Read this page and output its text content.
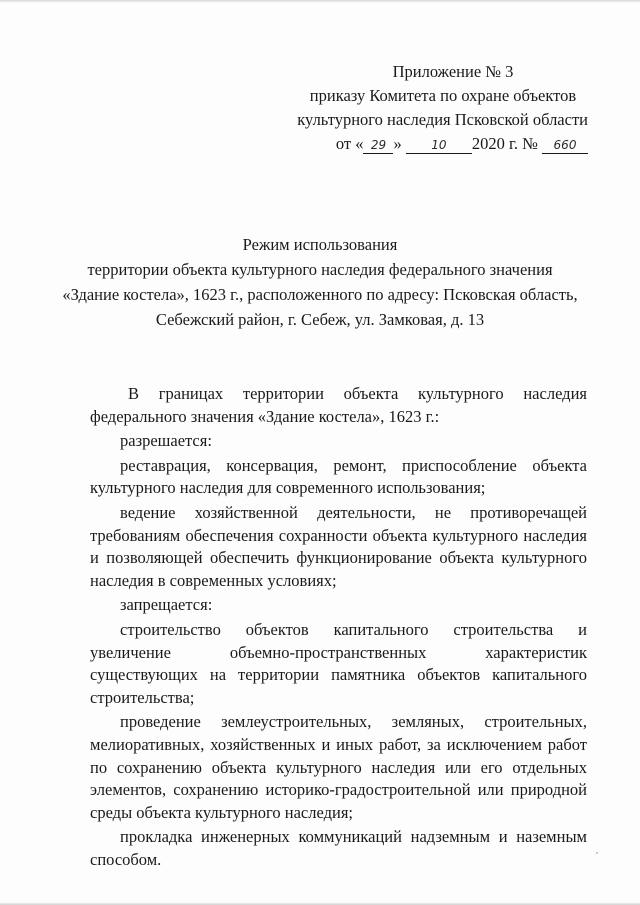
Приложение № 3
приказу Комитета по охране объектов
культурного наследия Псковской области
от « 29 » 10 2020 г. № 660
Режим использования
территории объекта культурного наследия федерального значения
«Здание костела», 1623 г., расположенного по адресу: Псковская область,
Себежский район, г. Себеж, ул. Замковая, д. 13

В границах территории объекта культурного наследия федерального значения «Здание костела», 1623 г.:

разрешается:

реставрация, консервация, ремонт, приспособление объекта культурного наследия для современного использования;

ведение хозяйственной деятельности, не противоречащей требованиям обеспечения сохранности объекта культурного наследия и позволяющей обеспечить функционирование объекта культурного наследия в современных условиях;

запрещается:

строительство объектов капитального строительства и увеличение объемно-пространственных характеристик существующих на территории памятника объектов капитального строительства;

проведение землеустроительных, земляных, строительных, мелиоративных, хозяйственных и иных работ, за исключением работ по сохранению объекта культурного наследия или его отдельных элементов, сохранению историко-градостроительной или природной среды объекта культурного наследия;

прокладка инженерных коммуникаций надземным и наземным способом.
